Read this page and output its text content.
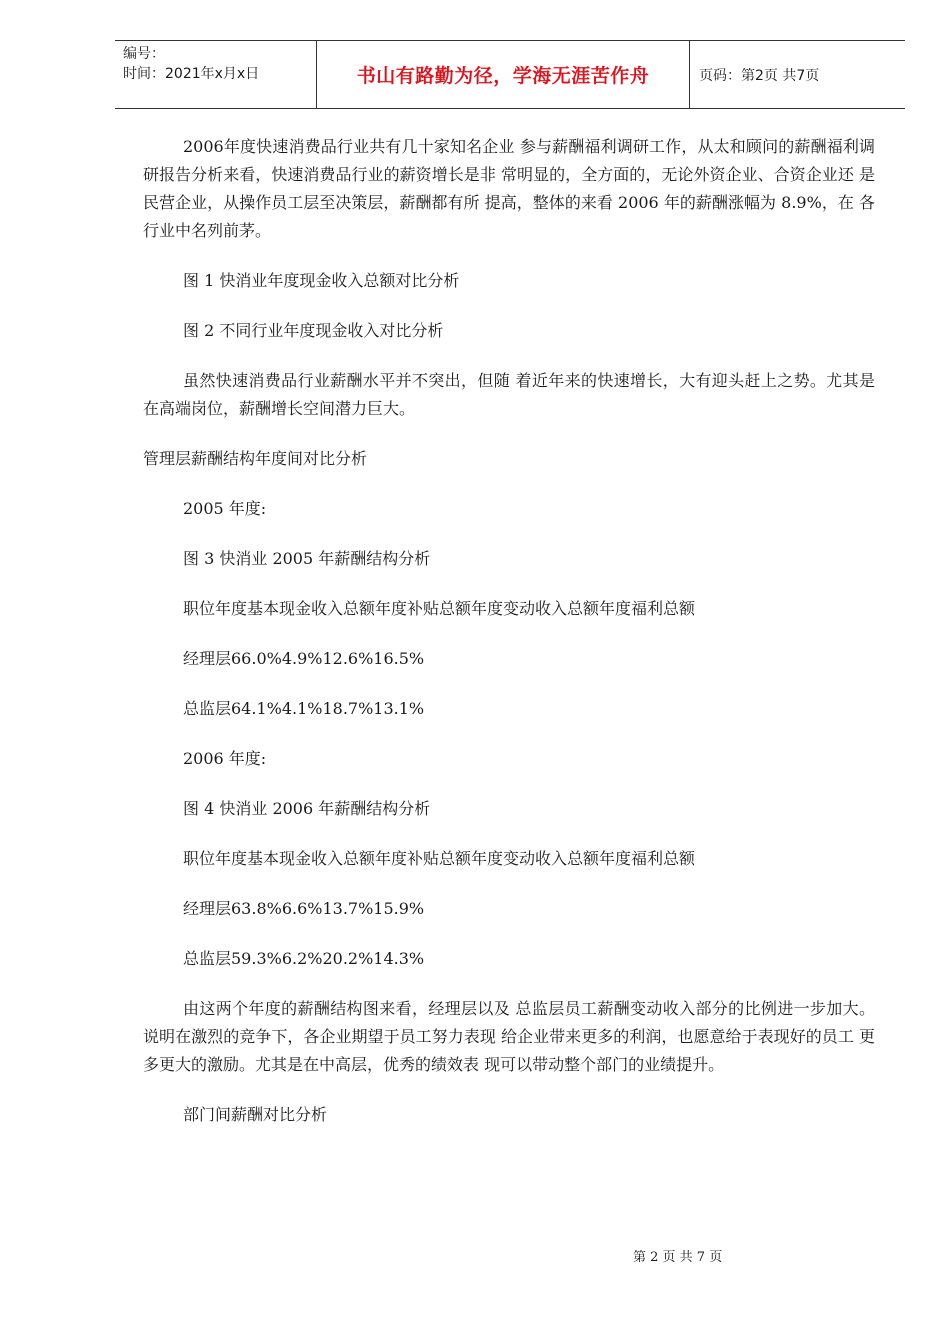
编号：
时间：2021年x月x日	书山有路勤为径，学海无涯苦作舟	页码：第2页 共7页

2006年度快速消费品行业共有几十家知名企业 参与薪酬福利调研工作，从太和顾问的薪酬福利调 研报告分析来看，快速消费品行业的薪资增长是非 常明显的，全方面的，无论外资企业、合资企业还 是民营企业，从操作员工层至决策层，薪酬都有所 提高，整体的来看 2006 年的薪酬涨幅为 8.9%，在 各行业中名列前茅。

图 1 快消业年度现金收入总额对比分析

图 2 不同行业年度现金收入对比分析

虽然快速消费品行业薪酬水平并不突出，但随 着近年来的快速增长，大有迎头赶上之势。尤其是在高端岗位，薪酬增长空间潜力巨大。

管理层薪酬结构年度间对比分析

2005 年度:

图 3 快消业 2005 年薪酬结构分析

职位年度基本现金收入总额年度补贴总额年度变动收入总额年度福利总额

经理层66.0%4.9%12.6%16.5%

总监层64.1%4.1%18.7%13.1%

2006 年度:

图 4 快消业 2006 年薪酬结构分析

职位年度基本现金收入总额年度补贴总额年度变动收入总额年度福利总额

经理层63.8%6.6%13.7%15.9%

总监层59.3%6.2%20.2%14.3%

由这两个年度的薪酬结构图来看，经理层以及 总监层员工薪酬变动收入部分的比例进一步加大。 说明在激烈的竞争下，各企业期望于员工努力表现 给企业带来更多的利润，也愿意给于表现好的员工 更多更大的激励。尤其是在中高层，优秀的绩效表 现可以带动整个部门的业绩提升。

部门间薪酬对比分析

第 2 页 共 7 页
